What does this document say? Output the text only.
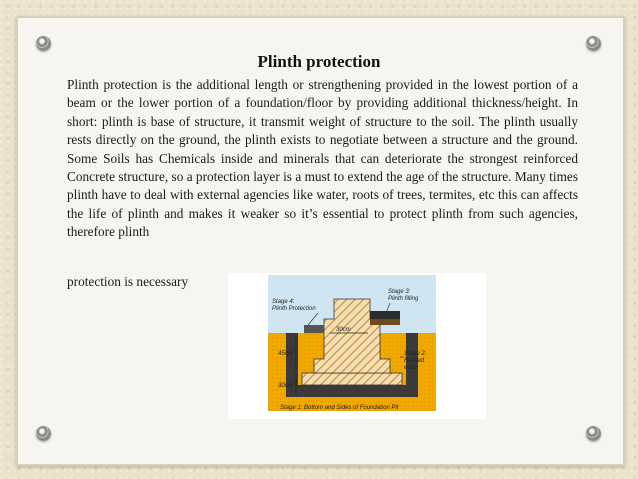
Plinth protection

Plinth protection is the additional length or strengthening provided in the lowest portion of a beam or the lower portion of a foundation/floor by providing additional thickness/height. In short: plinth is base of structure, it transmit weight of structure to the soil. The plinth usually rests directly on the ground, the plinth exists to negotiate between a structure and the ground. Some Soils has Chemicals inside and minerals that can deteriorate the strongest reinforced Concrete structure, so a protection layer is a must to extend the age of the structure. Many times plinth have to deal with external agencies like water, roots of trees, termites, etc this can affects the life of plinth and makes it weaker so it’s essential to protect plinth from such agencies, therefore plinth

protection is necessary
Stage 4:
Plinth Protection
Stage 3:
Plinth filling
Stage 2:
Refilled
earth
Stage 1: Bottom and Sides of Foundation Pit
30cm
45cm
30cm
